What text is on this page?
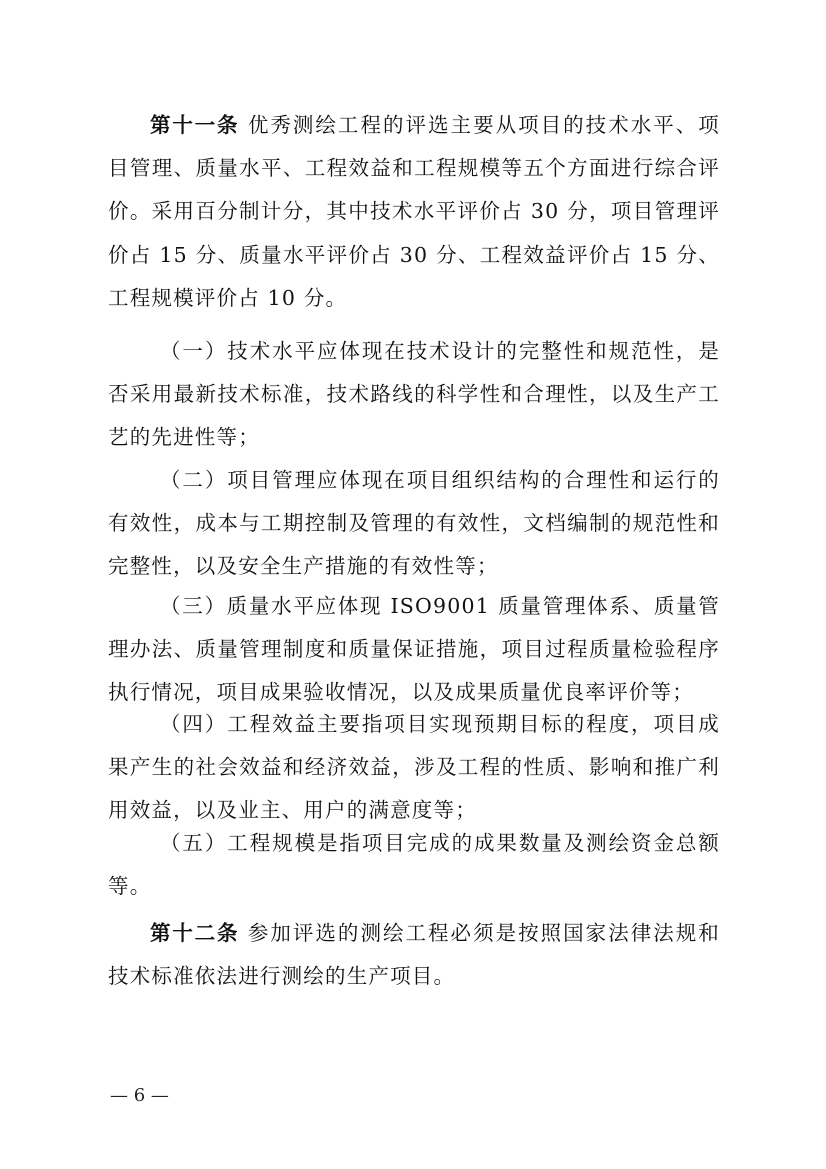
第十一条 优秀测绘工程的评选主要从项目的技术水平、项目管理、质量水平、工程效益和工程规模等五个方面进行综合评价。采用百分制计分，其中技术水平评价占 30 分，项目管理评价占 15 分、质量水平评价占 30 分、工程效益评价占 15 分、工程规模评价占 10 分。

（一）技术水平应体现在技术设计的完整性和规范性，是否采用最新技术标准，技术路线的科学性和合理性，以及生产工艺的先进性等；

（二）项目管理应体现在项目组织结构的合理性和运行的有效性，成本与工期控制及管理的有效性，文档编制的规范性和完整性，以及安全生产措施的有效性等；

（三）质量水平应体现 ISO9001 质量管理体系、质量管理办法、质量管理制度和质量保证措施，项目过程质量检验程序执行情况，项目成果验收情况，以及成果质量优良率评价等；

（四）工程效益主要指项目实现预期目标的程度，项目成果产生的社会效益和经济效益，涉及工程的性质、影响和推广利用效益，以及业主、用户的满意度等；

（五）工程规模是指项目完成的成果数量及测绘资金总额等。

第十二条 参加评选的测绘工程必须是按照国家法律法规和技术标准依法进行测绘的生产项目。

— 6 —
